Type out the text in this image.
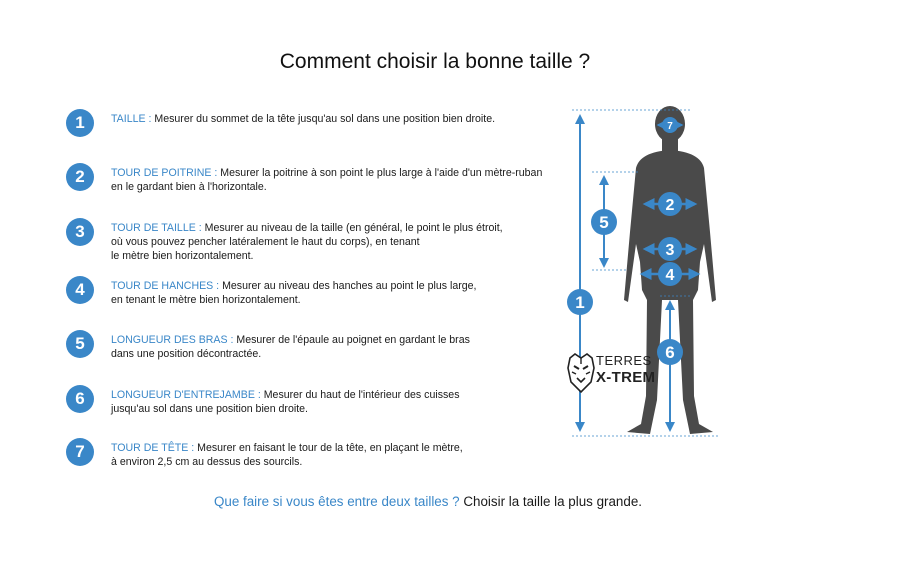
Comment choisir la bonne taille ?
1	TAILLE : Mesurer du sommet de la tête jusqu'au sol dans une position bien droite.
2	TOUR DE POITRINE : Mesurer la poitrine à son point le plus large à l'aide d'un mètre-ruban
en le gardant bien à l'horizontale.
3	TOUR DE TAILLE : Mesurer au niveau de la taille (en général, le point le plus étroit,
où vous pouvez pencher latéralement le haut du corps), en tenant
le mètre bien horizontalement.
4	TOUR DE HANCHES : Mesurer au niveau des hanches au point le plus large,
en tenant le mètre bien horizontalement.
5	LONGUEUR DES BRAS : Mesurer de l'épaule au poignet en gardant le bras
dans une position décontractée.
6	LONGUEUR D'ENTREJAMBE : Mesurer du haut de l'intérieur des cuisses
jusqu'au sol dans une position bien droite.
7	TOUR DE TÊTE : Mesurer en faisant le tour de la tête, en plaçant le mètre,
à environ 2,5 cm au dessus des sourcils.
Que faire si vous êtes entre deux tailles ? Choisir la taille la plus grande.
7
2
3
4
5
1
6
TERRES
X-TREM
